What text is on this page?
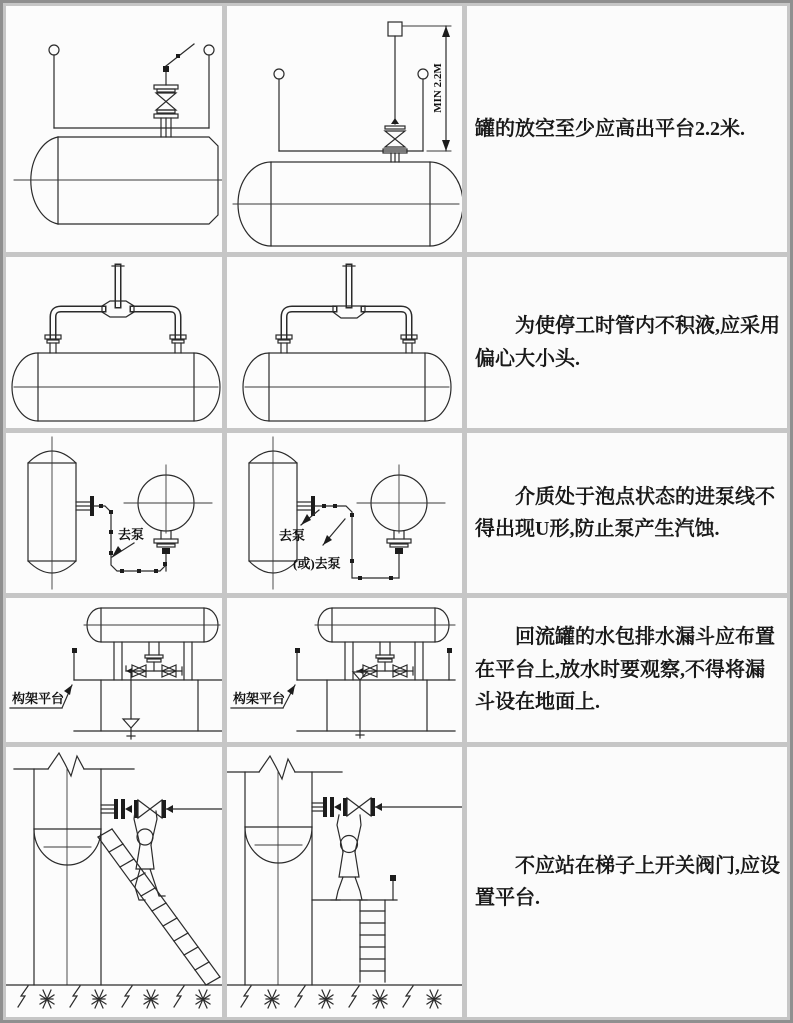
MIN 2.2M

罐的放空至少应高出平台2.2米.

为使停工时管内不积液,应采用偏心大小头.

去泵	去泵
(或)去泵

介质处于泡点状态的进泵线不得出现U形,防止泵产生汽蚀.

构架平台	构架平台

回流罐的水包排水漏斗应布置在平台上,放水时要观察,不得将漏斗设在地面上.

不应站在梯子上开关阀门,应设置平台.
